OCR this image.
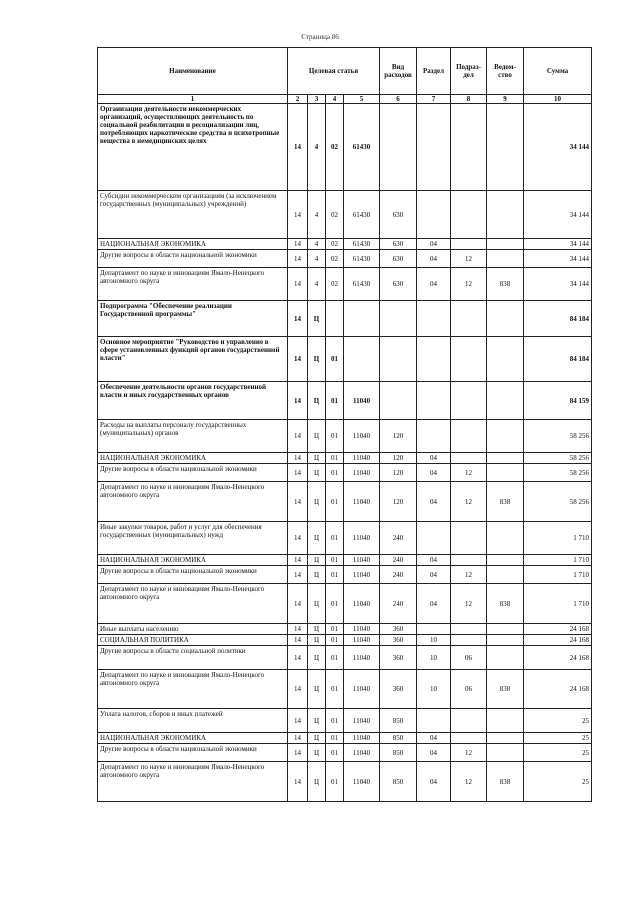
Страница 86
Наименование	Целевая статья				Вид расходов	Раздел	Подраз-дел	Ведом-ство	Сумма
1	2	3	4	5	6	7	8	9	10
Организация деятельности некоммерческих организаций, осуществляющих деятельность по социальной реабилитации и ресоциализации лиц, потребляющих наркотические средства и психотропные вещества в немедицинских целях	14	4	02	61430					34 144
Субсидии некоммерческим организациям (за исключением государственных (муниципальных) учреждений)	14	4	02	61430	630				34 144
НАЦИОНАЛЬНАЯ ЭКОНОМИКА	14	4	02	61430	630	04			34 144
Другие вопросы в области национальной экономики	14	4	02	61430	630	04	12		34 144
Департамент по науке и инновациям Ямало-Ненецкого автономного округа	14	4	02	61430	630	04	12	838	34 144
Подпрограмма "Обеспечение реализации Государственной программы"	14	Ц							84 184
Основное мероприятие "Руководство и управление в сфере установленных функций органов государственной власти"	14	Ц	01						84 184
Обеспечение деятельности органов государственной власти и иных государственных органов	14	Ц	01	11040					84 159
Расходы на выплаты персоналу государственных (муниципальных) органов	14	Ц	01	11040	120				58 256
НАЦИОНАЛЬНАЯ ЭКОНОМИКА	14	Ц	01	11040	120	04			58 256
Другие вопросы в области национальной экономики	14	Ц	01	11040	120	04	12		58 256
Департамент по науке и инновациям Ямало-Ненецкого автономного округа	14	Ц	01	11040	120	04	12	838	58 256
Иные закупки товаров, работ и услуг для обеспечения государственных (муниципальных) нужд	14	Ц	01	11040	240				1 710
НАЦИОНАЛЬНАЯ ЭКОНОМИКА	14	Ц	01	11040	240	04			1 710
Другие вопросы в области национальной экономики	14	Ц	01	11040	240	04	12		1 710
Департамент по науке и инновациям Ямало-Ненецкого автономного округа	14	Ц	01	11040	240	04	12	838	1 710
Иные выплаты населению	14	Ц	01	11040	360				24 168
СОЦИАЛЬНАЯ ПОЛИТИКА	14	Ц	01	11040	360	10			24 168
Другие вопросы в области социальной политики	14	Ц	01	11040	360	10	06		24 168
Департамент по науке и инновациям Ямало-Ненецкого автономного округа	14	Ц	01	11040	360	10	06	838	24 168
Уплата налогов, сборов и иных платежей	14	Ц	01	11040	850				25
НАЦИОНАЛЬНАЯ ЭКОНОМИКА	14	Ц	01	11040	850	04			25
Другие вопросы в области национальной экономики	14	Ц	01	11040	850	04	12		25
Департамент по науке и инновациям Ямало-Ненецкого автономного округа	14	Ц	01	11040	850	04	12	838	25
